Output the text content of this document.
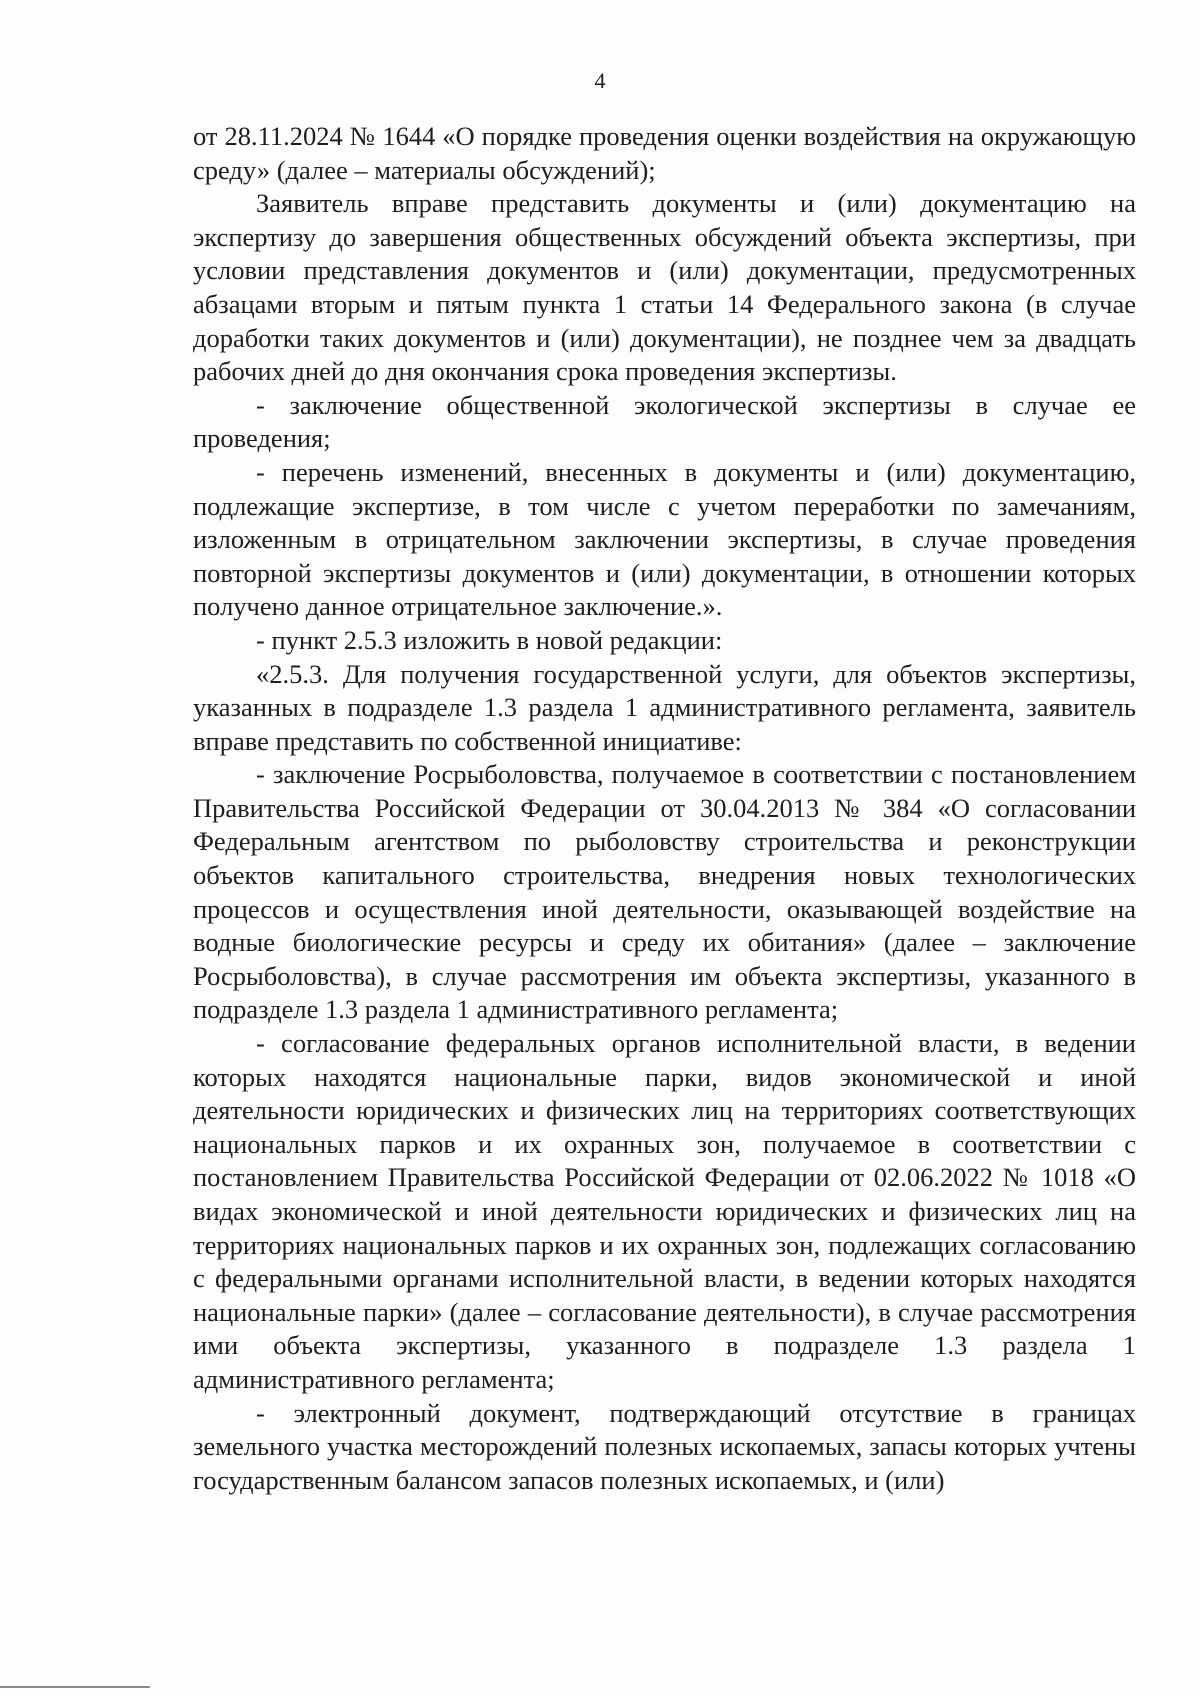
4

от 28.11.2024 № 1644 «О порядке проведения оценки воздействия на окружающую среду» (далее – материалы обсуждений);

Заявитель вправе представить документы и (или) документацию на экспертизу до завершения общественных обсуждений объекта экспертизы, при условии представления документов и (или) документации, предусмотренных абзацами вторым и пятым пункта 1 статьи 14 Федерального закона (в случае доработки таких документов и (или) документации), не позднее чем за двадцать рабочих дней до дня окончания срока проведения экспертизы.

- заключение общественной экологической экспертизы в случае ее проведения;

- перечень изменений, внесенных в документы и (или) документацию, подлежащие экспертизе, в том числе с учетом переработки по замечаниям, изложенным в отрицательном заключении экспертизы, в случае проведения повторной экспертизы документов и (или) документации, в отношении которых получено данное отрицательное заключение.».

- пункт 2.5.3 изложить в новой редакции:

«2.5.3. Для получения государственной услуги, для объектов экспертизы, указанных в подразделе 1.3 раздела 1 административного регламента, заявитель вправе представить по собственной инициативе:

- заключение Росрыболовства, получаемое в соответствии с постановлением Правительства Российской Федерации от 30.04.2013 № 384 «О согласовании Федеральным агентством по рыболовству строительства и реконструкции объектов капитального строительства, внедрения новых технологических процессов и осуществления иной деятельности, оказывающей воздействие на водные биологические ресурсы и среду их обитания» (далее – заключение Росрыболовства), в случае рассмотрения им объекта экспертизы, указанного в подразделе 1.3 раздела 1 административного регламента;

- согласование федеральных органов исполнительной власти, в ведении которых находятся национальные парки, видов экономической и иной деятельности юридических и физических лиц на территориях соответствующих национальных парков и их охранных зон, получаемое в соответствии с постановлением Правительства Российской Федерации от 02.06.2022 № 1018 «О видах экономической и иной деятельности юридических и физических лиц на территориях национальных парков и их охранных зон, подлежащих согласованию с федеральными органами исполнительной власти, в ведении которых находятся национальные парки» (далее – согласование деятельности), в случае рассмотрения ими объекта экспертизы, указанного в подразделе 1.3 раздела 1 административного регламента;

- электронный документ, подтверждающий отсутствие в границах земельного участка месторождений полезных ископаемых, запасы которых учтены государственным балансом запасов полезных ископаемых, и (или)
